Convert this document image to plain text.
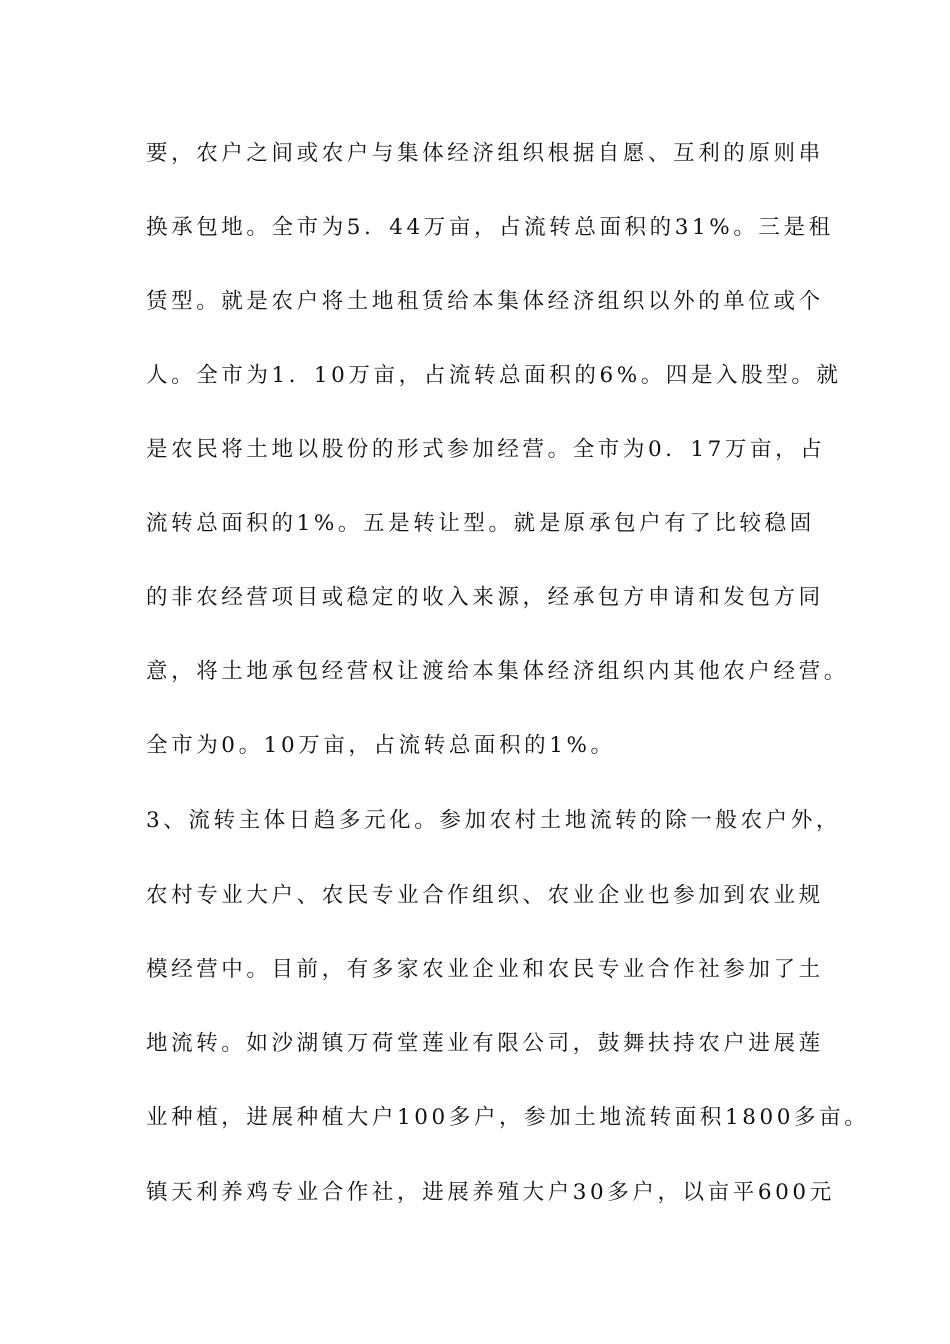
要，农户之间或农户与集体经济组织根据自愿、互利的原则串
换承包地。全市为5．44万亩，占流转总面积的31%。三是租
赁型。就是农户将土地租赁给本集体经济组织以外的单位或个
人。全市为1．10万亩，占流转总面积的6%。四是入股型。就
是农民将土地以股份的形式参加经营。全市为0．17万亩，占
流转总面积的1%。五是转让型。就是原承包户有了比较稳固
的非农经营项目或稳定的收入来源，经承包方申请和发包方同
意，将土地承包经营权让渡给本集体经济组织内其他农户经营。
全市为0。10万亩，占流转总面积的1%。
3、流转主体日趋多元化。参加农村土地流转的除一般农户外，
农村专业大户、农民专业合作组织、农业企业也参加到农业规
模经营中。目前，有多家农业企业和农民专业合作社参加了土
地流转。如沙湖镇万荷堂莲业有限公司，鼓舞扶持农户进展莲
业种植，进展种植大户100多户，参加土地流转面积1800多亩。
镇天利养鸡专业合作社，进展养殖大户30多户，以亩平600元
